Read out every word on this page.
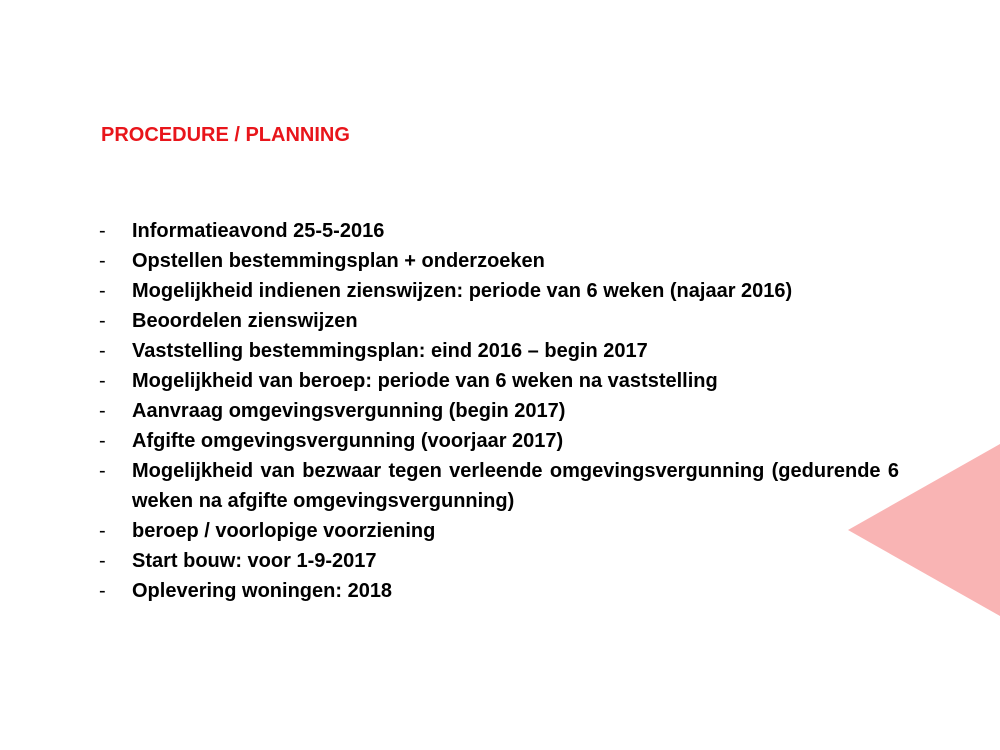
PROCEDURE / PLANNING
-	Informatieavond 25-5-2016
-	Opstellen bestemmingsplan + onderzoeken
-	Mogelijkheid indienen zienswijzen: periode van 6 weken (najaar 2016)
-	Beoordelen zienswijzen
-	Vaststelling bestemmingsplan: eind 2016 – begin 2017
-	Mogelijkheid van beroep: periode van 6 weken na vaststelling
-	Aanvraag omgevingsvergunning (begin 2017)
-	Afgifte omgevingsvergunning (voorjaar 2017)
-	Mogelijkheid van bezwaar tegen verleende omgevingsvergunning (gedurende 6 weken na afgifte omgevingsvergunning)
-	beroep / voorlopige voorziening
-	Start bouw: voor 1-9-2017
-	Oplevering woningen: 2018
